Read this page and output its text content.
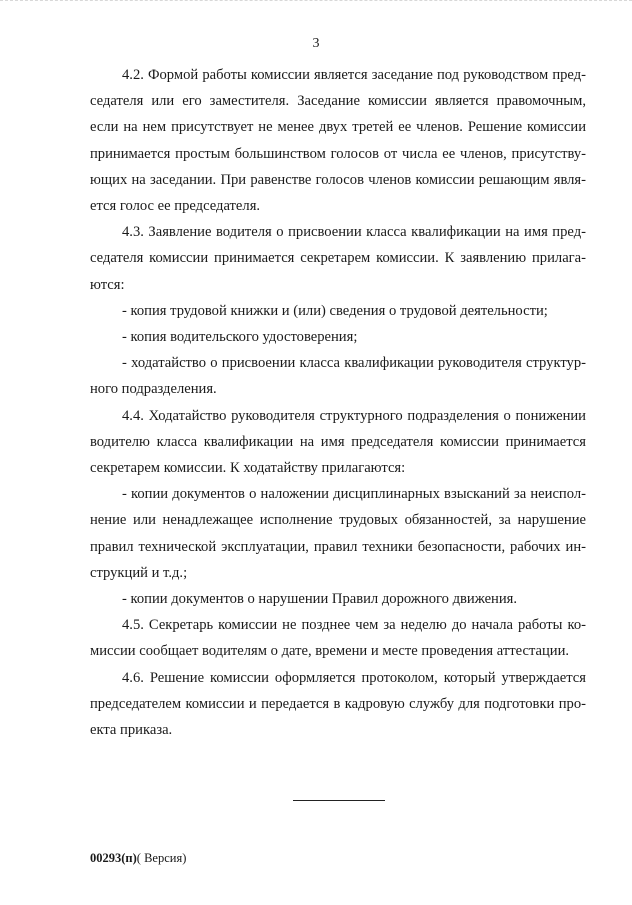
3
4.2. Формой работы комиссии является заседание под руководством пред-
седателя или его заместителя. Заседание комиссии является правомочным,
если на нем присутствует не менее двух третей ее членов. Решение комиссии
принимается простым большинством голосов от числа ее членов, присутству-
ющих на заседании. При равенстве голосов членов комиссии решающим явля-
ется голос ее председателя.
4.3. Заявление водителя о присвоении класса квалификации на имя пред-
седателя комиссии принимается секретарем комиссии. К заявлению прилага-
ются:
- копия трудовой книжки и (или) сведения о трудовой деятельности;
- копия водительского удостоверения;
- ходатайство о присвоении класса квалификации руководителя структур-
ного подразделения.
4.4. Ходатайство руководителя структурного подразделения о понижении
водителю класса квалификации на имя председателя комиссии принимается
секретарем комиссии. К ходатайству прилагаются:
- копии документов о наложении дисциплинарных взысканий за неиспол-
нение или ненадлежащее исполнение трудовых обязанностей, за нарушение
правил технической эксплуатации, правил техники безопасности, рабочих ин-
струкций и т.д.;
- копии документов о нарушении Правил дорожного движения.
4.5. Секретарь комиссии не позднее чем за неделю до начала работы ко-
миссии сообщает водителям о дате, времени и месте проведения аттестации.
4.6. Решение комиссии оформляется протоколом, который утверждается
председателем комиссии и передается в кадровую службу для подготовки про-
екта приказа.
00293(п)( Версия)
